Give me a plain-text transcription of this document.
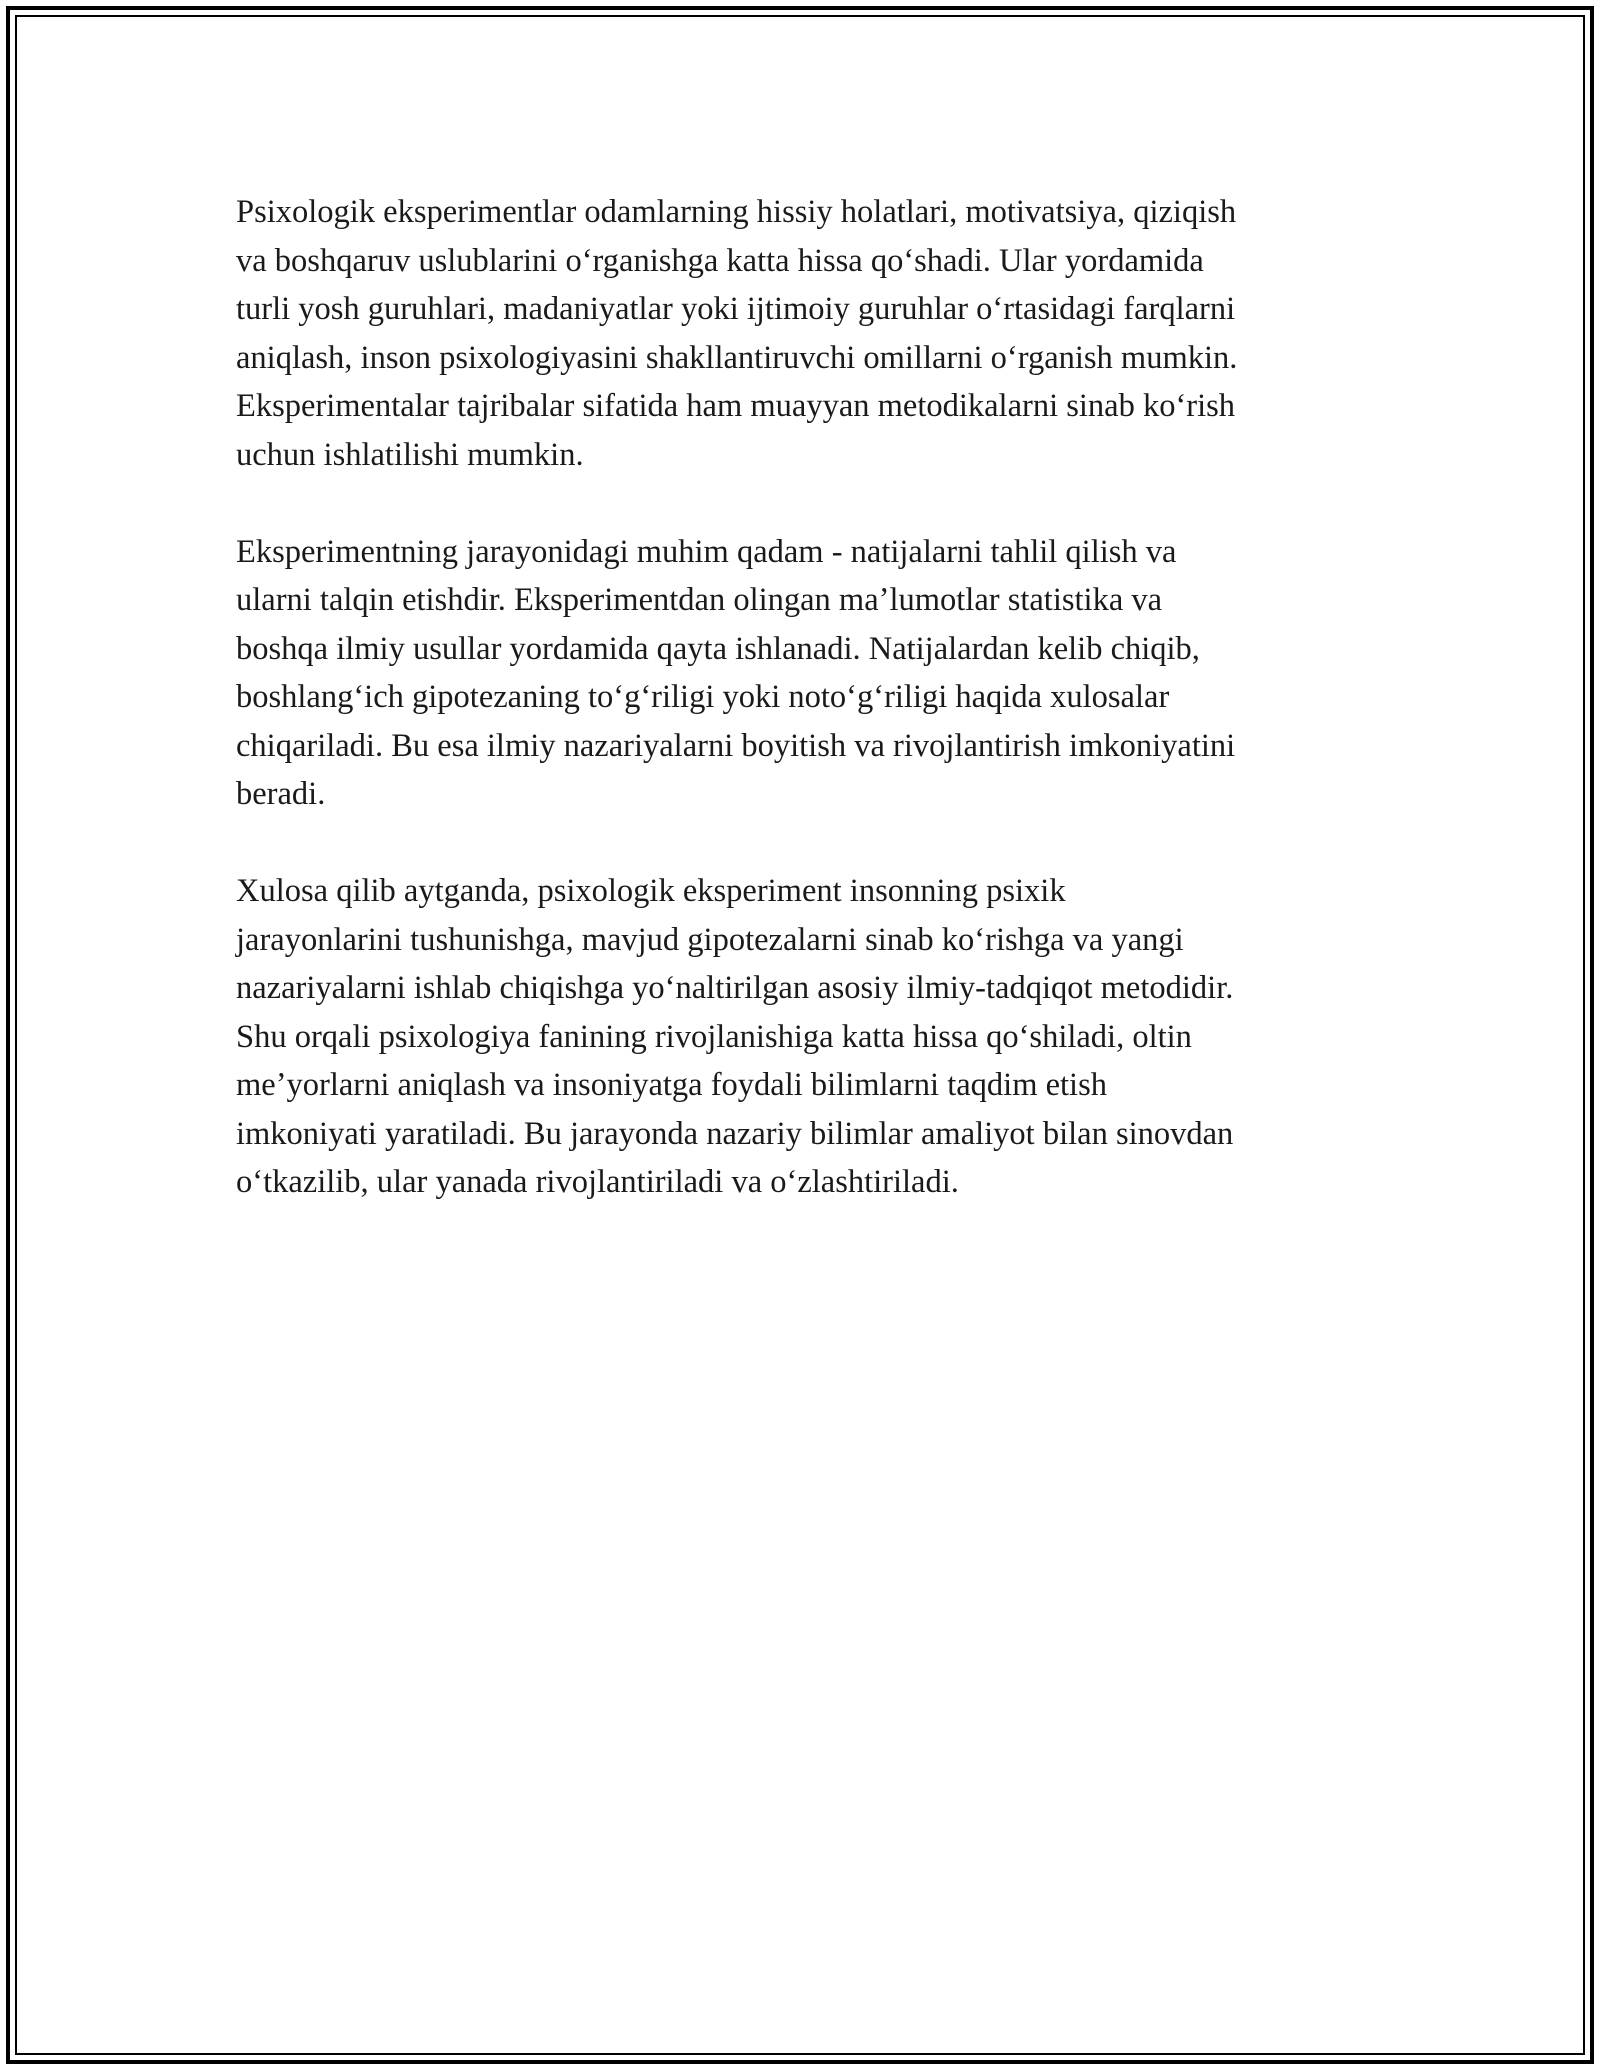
Psixologik eksperimentlar odamlarning hissiy holatlari, motivatsiya, qiziqish
va boshqaruv uslublarini oʻrganishga katta hissa qoʻshadi. Ular yordamida
turli yosh guruhlari, madaniyatlar yoki ijtimoiy guruhlar oʻrtasidagi farqlarni
aniqlash, inson psixologiyasini shakllantiruvchi omillarni oʻrganish mumkin.
Eksperimentalar tajribalar sifatida ham muayyan metodikalarni sinab koʻrish
uchun ishlatilishi mumkin.

Eksperimentning jarayonidagi muhim qadam - natijalarni tahlil qilish va
ularni talqin etishdir. Eksperimentdan olingan maʼlumotlar statistika va
boshqa ilmiy usullar yordamida qayta ishlanadi. Natijalardan kelib chiqib,
boshlangʻich gipotezaning toʻgʻriligi yoki notoʻgʻriligi haqida xulosalar
chiqariladi. Bu esa ilmiy nazariyalarni boyitish va rivojlantirish imkoniyatini
beradi.

Xulosa qilib aytganda, psixologik eksperiment insonning psixik
jarayonlarini tushunishga, mavjud gipotezalarni sinab koʻrishga va yangi
nazariyalarni ishlab chiqishga yoʻnaltirilgan asosiy ilmiy-tadqiqot metodidir.
Shu orqali psixologiya fanining rivojlanishiga katta hissa qoʻshiladi, oltin
meʼyorlarni aniqlash va insoniyatga foydali bilimlarni taqdim etish
imkoniyati yaratiladi. Bu jarayonda nazariy bilimlar amaliyot bilan sinovdan
oʻtkazilib, ular yanada rivojlantiriladi va oʻzlashtiriladi.
